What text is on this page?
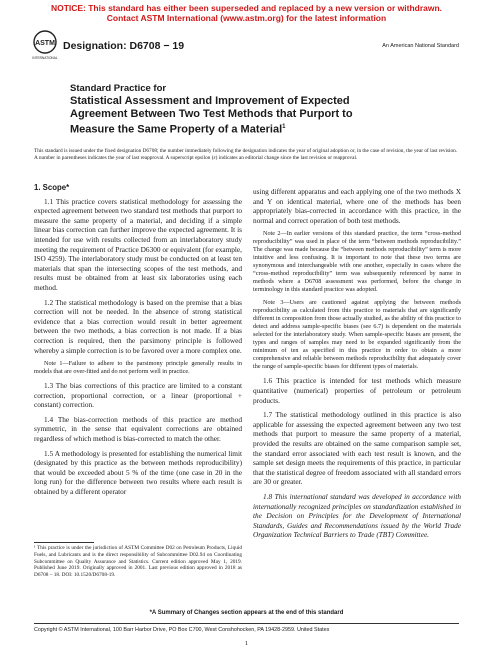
NOTICE: This standard has either been superseded and replaced by a new version or withdrawn.
Contact ASTM International (www.astm.org) for the latest information
ASTM
INTERNATIONAL
Designation: D6708 − 19	An American National Standard
Standard Practice for
Statistical Assessment and Improvement of Expected
Agreement Between Two Test Methods that Purport to
Measure the Same Property of a Material$^1$
This standard is issued under the fixed designation D6708; the number immediately following the designation indicates the year of original adoption or, in the case of revision, the year of last revision. A number in parentheses indicates the year of last reapproval. A superscript epsilon (ε) indicates an editorial change since the last revision or reapproval.
1. Scope*

1.1 This practice covers statistical methodology for assessing the expected agreement between two standard test methods that purport to measure the same property of a material, and deciding if a simple linear bias correction can further improve the expected agreement. It is intended for use with results collected from an interlaboratory study meeting the requirement of Practice D6300 or equivalent (for example, ISO 4259). The interlaboratory study must be conducted on at least ten materials that span the intersecting scopes of the test methods, and results must be obtained from at least six laboratories using each method.

1.2 The statistical methodology is based on the premise that a bias correction will not be needed. In the absence of strong statistical evidence that a bias correction would result in better agreement between the two methods, a bias correction is not made. If a bias correction is required, then the parsimony principle is followed whereby a simple correction is to be favored over a more complex one.

Note 1—Failure to adhere to the parsimony principle generally results in models that are over-fitted and do not perform well in practice.

1.3 The bias corrections of this practice are limited to a constant correction, proportional correction, or a linear (proportional + constant) correction.

1.4 The bias-correction methods of this practice are method symmetric, in the sense that equivalent corrections are obtained regardless of which method is bias-corrected to match the other.

1.5 A methodology is presented for establishing the numerical limit (designated by this practice as the between methods reproducibility) that would be exceeded about 5 % of the time (one case in 20 in the long run) for the difference between two results where each result is obtained by a different operator

using different apparatus and each applying one of the two methods X and Y on identical material, where one of the methods has been appropriately bias-corrected in accordance with this practice, in the normal and correct operation of both test methods.

Note 2—In earlier versions of this standard practice, the term “cross-method reproducibility” was used in place of the term “between methods reproducibility.” The change was made because the “between methods reproducibility” term is more intuitive and less confusing. It is important to note that these two terms are synonymous and interchangeable with one another, especially in cases where the “cross-method reproducibility” term was subsequently referenced by name in methods where a D6708 assessment was performed, before the change in terminology in this standard practice was adopted.

Note 3—Users are cautioned against applying the between methods reproducibility as calculated from this practice to materials that are significantly different in composition from those actually studied, as the ability of this practice to detect and address sample-specific biases (see 6.7) is dependent on the materials selected for the interlaboratory study. When sample-specific biases are present, the types and ranges of samples may need to be expanded significantly from the minimum of ten as specified in this practice in order to obtain a more comprehensive and reliable between methods reproducibility that adequately cover the range of sample-specific biases for different types of materials.

1.6 This practice is intended for test methods which measure quantitative (numerical) properties of petroleum or petroleum products.

1.7 The statistical methodology outlined in this practice is also applicable for assessing the expected agreement between any two test methods that purport to measure the same property of a material, provided the results are obtained on the same comparison sample set, the standard error associated with each test result is known, and the sample set design meets the requirements of this practice, in particular that the statistical degree of freedom associated with all standard errors are 30 or greater.

1.8 This international standard was developed in accordance with internationally recognized principles on standardization established in the Decision on Principles for the Development of International Standards, Guides and Recommendations issued by the World Trade Organization Technical Barriers to Trade (TBT) Committee.

¹ This practice is under the jurisdiction of ASTM Committee D02 on Petroleum Products, Liquid Fuels, and Lubricants and is the direct responsibility of Subcommittee D02.94 on Coordinating Subcommittee on Quality Assurance and Statistics. Current edition approved May 1, 2019. Published June 2019. Originally approved in 2001. Last previous edition approved in 2018 as D6708 – 18. DOI: 10.1520/D6708-19.
*A Summary of Changes section appears at the end of this standard
Copyright © ASTM International, 100 Barr Harbor Drive, PO Box C700, West Conshohocken, PA 19428-2959. United States
1
